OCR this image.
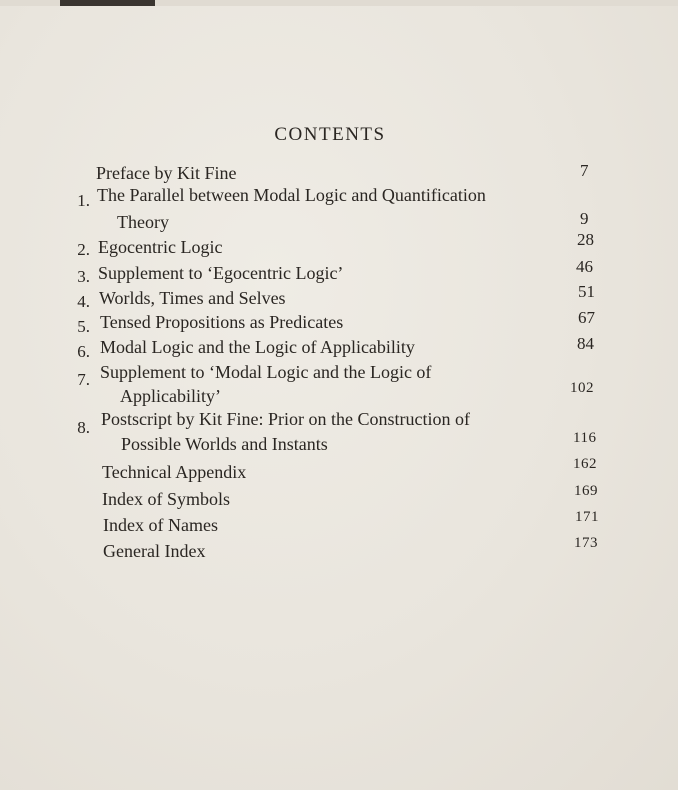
CONTENTS
Preface by Kit Fine	7
1. The Parallel between Modal Logic and Quantification
Theory	9
2. Egocentric Logic	28
3. Supplement to ‘Egocentric Logic’	46
4. Worlds, Times and Selves	51
5. Tensed Propositions as Predicates	67
6. Modal Logic and the Logic of Applicability	84
7. Supplement to ‘Modal Logic and the Logic of
Applicability’	102
8. Postscript by Kit Fine: Prior on the Construction of
Possible Worlds and Instants	116
Technical Appendix	162
Index of Symbols	169
Index of Names	171
General Index	173
